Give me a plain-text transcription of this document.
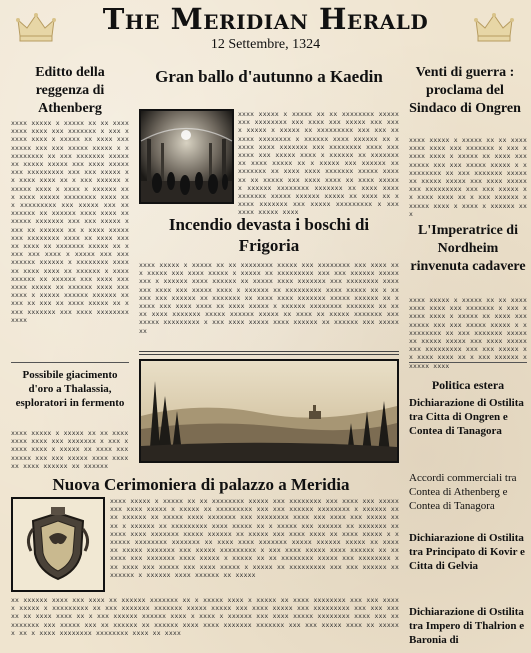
The Meridian Herald
12 Settembre, 1324
Editto della reggenza di Athenberg
xxxx xxxxx x xxxxx xx xx xxxxxxxx xxxx xxx xxxxxxx x xxx xxxxx xxxx x xxxxx xx xxxx xxxxxxxx xxx xxx xxxxx xxxxx x xxxxxxxxx xx xxx xxxxxxx xxxxxxx xxxxx xxxxx xxx xxxx xxxxx xxx xxxxxxxxx xxx xxx xxxxx xx xxxx xxxx xx x xxx xxxxxx xxxxxx xxxx x xxxx x xxxxxx xxx xxxx xxxxx xxxxxxxx xxxx xxx xxxxxxxxx xxx xxxxx xxx xx xxxxxx xx xxxxxx xxxx xxxx xxxxxxx xxxxxxx xxx xxx xxxxx xxxx xx xxxxxx xx x xxxx xxxxxxxx xxxxxxxx xxxx xx xxxx xxxxx xxxx xx xxxxxxx xxxxx xx xxxx xxx xxxx x xxxxx xxx xxx xxxxxx xxxxxx x xxxxxxxx xxxxxx xxxx xxxx xx xxxxxx x xxxx xxxxxx xx xxxxxx xxx xxxx xxxxxxx xxxxx xx xxxxxx xxxx xxx xxxx x xxxxx xxxxxx xxxxxx xxxxx xx xxx xx xxxx xxxxx xx xxxx xxxxxxx xxx xxxx xxxxxxxx xxxx
Possibile giacimento d'oro a Thalassia, esploratori in fermento
xxxx xxxxx x xxxxx xx xx xxxxxxxx xxxx xxx xxxxxxx x xxx xxxxx xxxx x xxxxx xx xxxx xxxxxxxx xxx xxx xxxxx xxxx xxxxxx xxxx xxxxxx xx xxxxxx
Gran ballo d'autunno a Kaedin
xxxx xxxxx x xxxxx xx xx xxxxxxxx xxxxx xxx xxxxxxxx xxx xxxx xxx xxxxx xxx xxxx xxxxx x xxxxx xx xxxxxxxxx xxx xxx xxxxxx xxxxxxxx x xxxxxx xxxx xxxxxx xx xxxxx xxxx xxxxxxx xxx xxxxxxxx xxxx xxx xxxx xxx xxxxx xxxx x xxxxxx xx xxxxxxxxx xxxx xxxxx xx x xxxxx xxx xxxxxx xx xxxxxxx xx xxxx xxxx xxxxxxx xxxxx xxxxxx xx xxxxx xxx xxxx xxxx xx xxxx xxxxx x xxxxxx xxxxxxxx xxxxxxx xx xxxx xxxx xxxxxxx xxxxx xxxxxx xxxxx xx xxxx xx xxxxx xxxxxxx xxx xxxxx xxxxxxxxx x xxx xxxx xxxxx xxxx
Incendio devasta i boschi di Frigoria
xxxx xxxxx x xxxxx xx xx xxxxxxxx xxxxx xxx xxxxxxxx xxx xxxx xxx xxxxx xxx xxxx xxxxx x xxxxx xx xxxxxxxxx xxx xxx xxxxxx xxxxxxxx x xxxxxx xxxx xxxxxx xx xxxxx xxxx xxxxxxx xxx xxxxxxxx xxxx xxx xxxx xxx xxxxx xxxx x xxxxxx xx xxxxxxxxx xxxx xxxxx xx x xxxxx xxx xxxxxx xx xxxxxxx xx xxxx xxxx xxxxxxx xxxxx xxxxxx xx xxxxx xxx xxxx xxxx xx xxxx xxxxx x xxxxxx xxxxxxxx xxxxxxx xx xxxx xxxx xxxxxxx xxxxx xxxxxx xxxxx xx xxxx xx xxxxx xxxxxxx xxx xxxxx xxxxxxxxx x xxx xxxx xxxxx xxxx xxxxxx xx xxxxxx xxx xxxxxxx
Nuova Cerimoniera di palazzo a Meridia
xxxx xxxxx x xxxxx xx xx xxxxxxxx xxxxx xxx xxxxxxxx xxx xxxx xxx xxxxx xxx xxxx xxxxx x xxxxx xx xxxxxxxxx xxx xxx xxxxxx xxxxxxxx x xxxxxx xxxx xxxxxx xx xxxxx xxxx xxxxxxx xxx xxxxxxxx xxxx xxx xxxx xxx xxxxx xxxx x xxxxxx xx xxxxxxxxx xxxx xxxxx xx x xxxxx xxx xxxxxx xx xxxxxxx xx xxxx xxxx xxxxxxx xxxxx xxxxxx xx xxxxx xxx xxxx xxxx xx xxxx xxxxx x xxxxxx xxxxxxxx xxxxxxx xx xxxx xxxx xxxxxxx xxxxx xxxxxx xxxxx xx xxxx xx xxxxx xxxxxxx xxx xxxxx xxxxxxxxx x xxx xxxx xxxxx xxxx xxxxxx xx xxxxxx xxx xxxxxxx xxxx xxxxx x xxxxx xx xx xxxxxxxx xxxxx xxx xxxxxxxx xxx xxxx xxx xxxxx xxx xxxx xxxxx x xxxxx xx xxxxxxxxx xxx xxx xxxxxx xxxxxxxx x xxxxxx xxxx xxxxxx xx xxxxx
xx xxxxxx xxxx xxx xxxx xx xxxxxx xxxxxxx xx x xxxxx xxxx x xxxxx xx xxxx xxxxxxxx xxx xxx xxxxx xxxxx x xxxxxxxxx xx xxx xxxxxxx xxxxxxx xxxxx xxxxx xxx xxxx xxxxx xxx xxxxxxxxx xxx xxx xxxxx xx xxxx xxxx xx x xxx xxxxxx xxxxxx xxxx x xxxx x xxxxxx xxx xxxx xxxxx xxxxxxxx xxxx xxx xxxxxxxxx xxx xxxxx xxx xx xxxxxx xx xxxxxx xxxx xxxx xxxxxxx xxxxxxx xxx xxx xxxxx xxxx xx xxxxxx xx x xxxx xxxxxxxx xxxxxxxx xxxx xx xxxx
Venti di guerra : proclama del Sindaco di Ongren
xxxx xxxxx x xxxxx xx xx xxxxxxxx xxxx xxx xxxxxxx x xxx xxxxx xxxx x xxxxx xx xxxx xxxxxxxx xxx xxx xxxxx xxxxx x xxxxxxxxx xx xxx xxxxxxx xxxxxxx xxxxx xxxxx xxx xxxx xxxxx xxx xxxxxxxxx xxx xxx xxxxx xx xxxx xxxx xx x xxx xxxxxx xxxxxx xxxx x xxxx x xxxxxx xxx
L'Imperatrice di Nordheim rinvenuta cadavere
xxxx xxxxx x xxxxx xx xx xxxxxxxx xxxx xxx xxxxxxx x xxx xxxxx xxxx x xxxxx xx xxxx xxxxxxxx xxx xxx xxxxx xxxxx x xxxxxxxxx xx xxx xxxxxxx xxxxxxx xxxxx xxxxx xxx xxxx xxxxx xxx xxxxxxxxx xxx xxx xxxxx xx xxxx xxxx xx x xxx xxxxxx xxxxxx xxxx
Politica estera
Dichiarazione di Ostilita tra Citta di Ongren e Contea di Tanagora
Accordi commerciali tra Contea di Athenberg e Contea di Tanagora
Dichiarazione di Ostilita tra Principato di Kovir e Citta di Gelvia
Dichiarazione di Ostilita tra Impero di Thalrion e Baronia di
